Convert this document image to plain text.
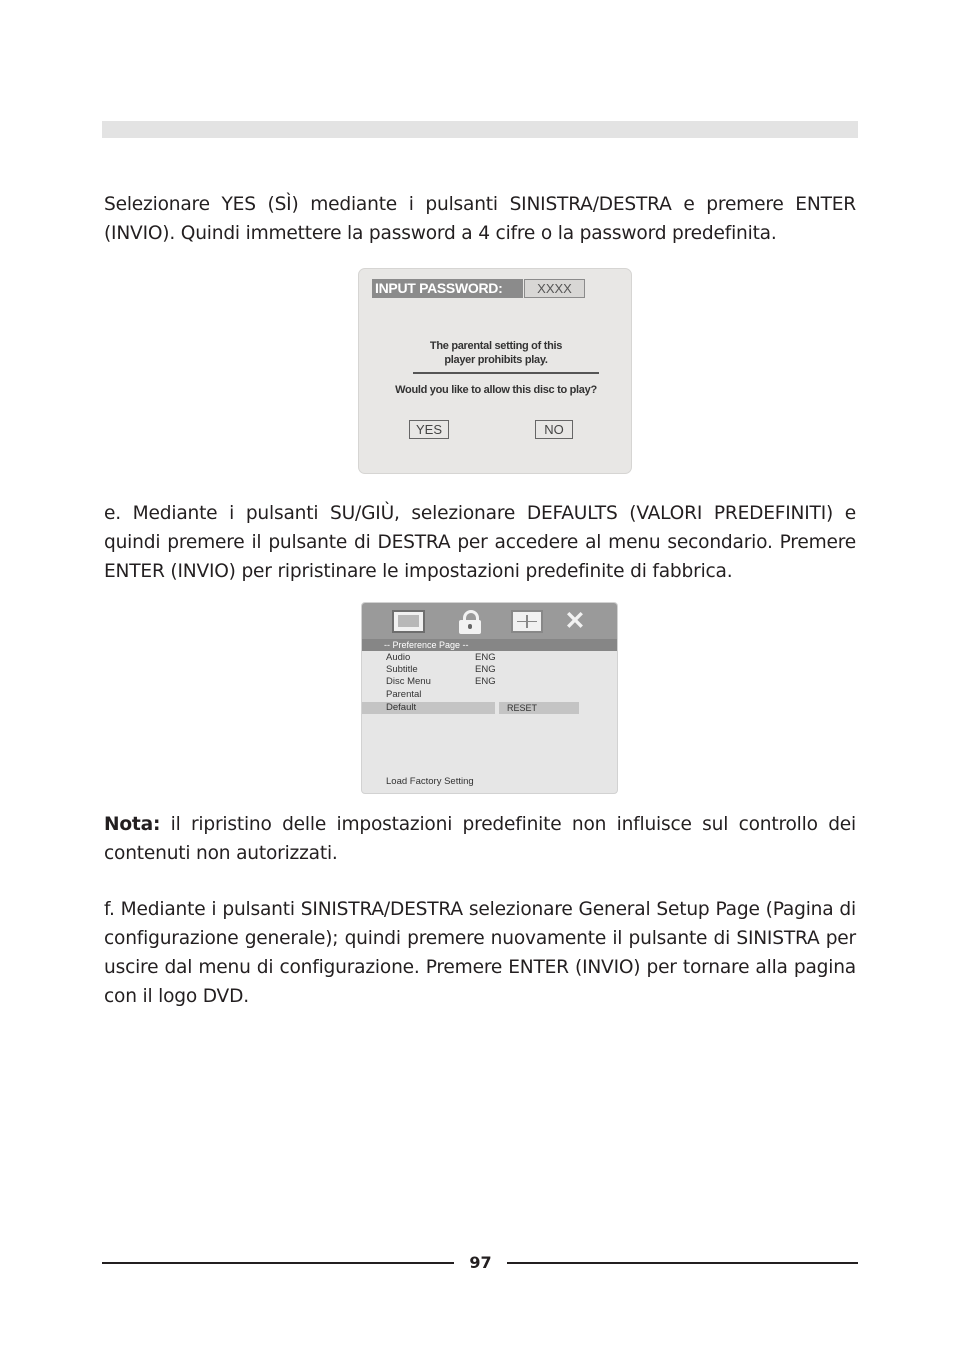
Selezionare YES (SÌ) mediante i pulsanti SINISTRA/DESTRA e premere ENTER (INVIO). Quindi immettere la password a 4 cifre o la password predefinita.

INPUT PASSWORD:	XXXX
The parental setting of this
player prohibits play.
Would you like to allow this disc to play?
YES	NO

e. Mediante i pulsanti SU/GIÙ, selezionare DEFAULTS (VALORI PREDEFINITI) e quindi premere il pulsante di DESTRA per accedere al menu secondario. Premere ENTER (INVIO) per ripristinare le impostazioni predefinite di fabbrica.

✕
-- Preference Page --
Audio	ENG
Subtitle	ENG
Disc Menu	ENG
Parental
Default	RESET
Load Factory Setting

Nota: il ripristino delle impostazioni predefinite non influisce sul controllo dei contenuti non autorizzati.

f. Mediante i pulsanti SINISTRA/DESTRA selezionare General Setup Page (Pagina di configurazione generale); quindi premere nuovamente il pulsante di SINISTRA per uscire dal menu di configurazione. Premere ENTER (INVIO) per tornare alla pagina con il logo DVD.

97
